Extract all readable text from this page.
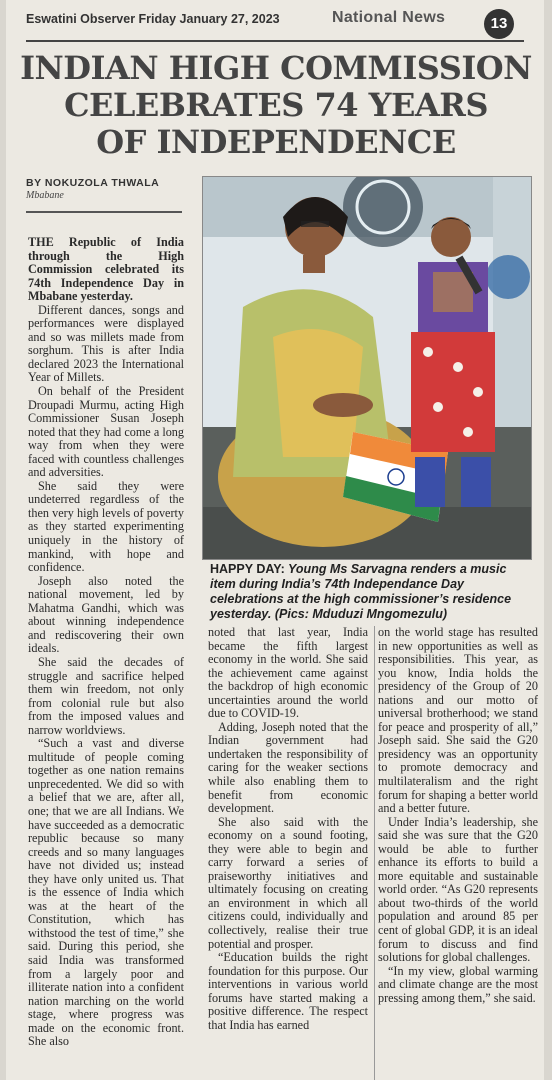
Eswatini Observer Friday January 27, 2023	National News	13
INDIAN HIGH COMMISSION
CELEBRATES 74 YEARS
OF INDEPENDENCE
BY NOKUZOLA THWALA
Mbabane
HAPPY DAY: Young Ms Sarvagna renders a music item during India’s 74th Independance Day celebrations at the high commissioner’s residence yesterday. (Pics: Mduduzi Mngomezulu)

THE Republic of India through the High Commission celebrated its 74th Independence Day in Mbabane yesterday.

Different dances, songs and performances were displayed and so was millets made from sorghum. This is after India declared 2023 the International Year of Millets.

On behalf of the President Droupadi Murmu, acting High Commissioner Susan Joseph noted that they had come a long way from when they were faced with countless challenges and adversities.

She said they were undeterred regardless of the then very high levels of poverty as they started experimenting uniquely in the history of mankind, with hope and confidence.

Joseph also noted the national movement, led by Mahatma Gandhi, which was about winning independence and rediscovering their own ideals.

She said the decades of struggle and sacrifice helped them win freedom, not only from colonial rule but also from the imposed values and narrow worldviews.

“Such a vast and diverse multitude of people coming together as one nation remains unprecedented. We did so with a belief that we are, after all, one; that we are all Indians. We have succeeded as a democratic republic because so many creeds and so many languages have not divided us; instead they have only united us. That is the essence of India which was at the heart of the Constitution, which has withstood the test of time,” she said. During this period, she said India was transformed from a largely poor and illiterate nation into a confident nation marching on the world stage, where progress was made on the economic front. She also

noted that last year, India became the fifth largest economy in the world. She said the achievement came against the backdrop of high economic uncertainties around the world due to COVID-19.

Adding, Joseph noted that the Indian government had undertaken the responsibility of caring for the weaker sections while also enabling them to benefit from economic development.

She also said with the economy on a sound footing, they were able to begin and carry forward a series of praiseworthy initiatives and ultimately focusing on creating an environment in which all citizens could, individually and collectively, realise their true potential and prosper.

“Education builds the right foundation for this purpose. Our interventions in various world forums have started making a positive difference. The respect that India has earned

on the world stage has resulted in new opportunities as well as responsibilities. This year, as you know, India holds the presidency of the Group of 20 nations and our motto of universal brotherhood; we stand for peace and prosperity of all,” Joseph said. She said the G20 presidency was an opportunity to promote democracy and multilateralism and the right forum for shaping a better world and a better future.

Under India’s leadership, she said she was sure that the G20 would be able to further enhance its efforts to build a more equitable and sustainable world order. “As G20 represents about two-thirds of the world population and around 85 per cent of global GDP, it is an ideal forum to discuss and find solutions for global challenges.

“In my view, global warming and climate change are the most pressing among them,” she said.
